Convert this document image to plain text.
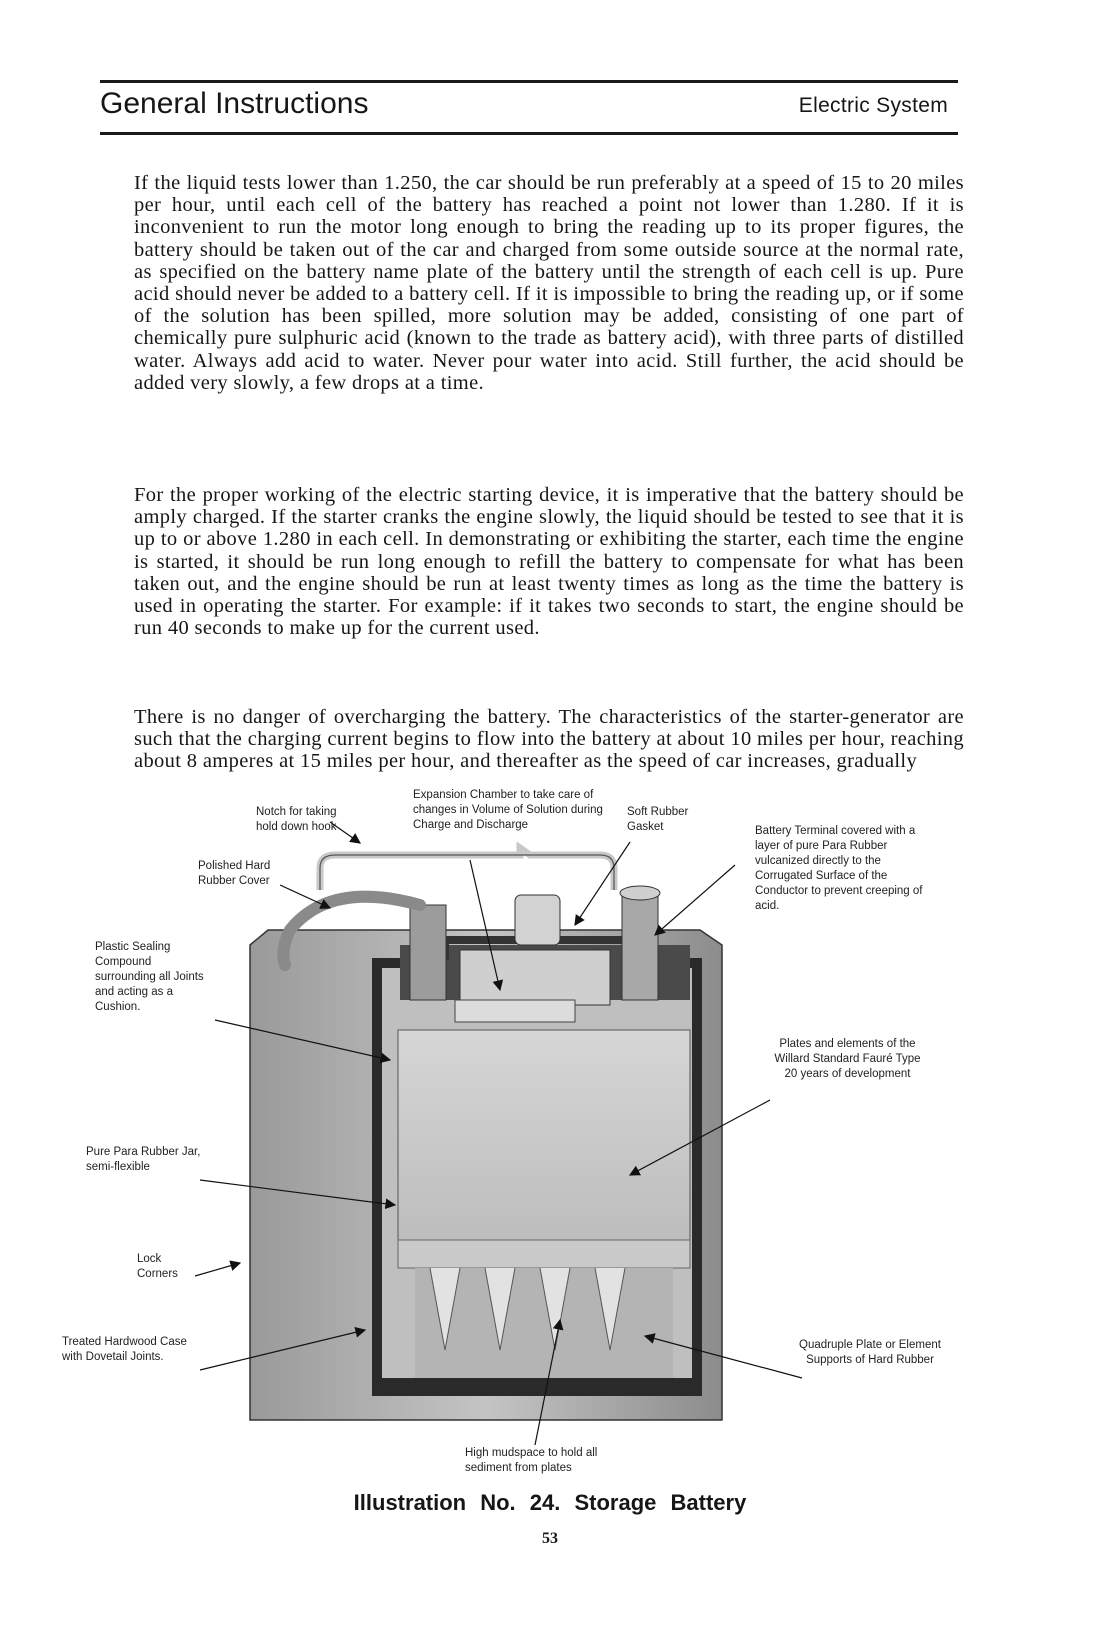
General Instructions	Electric System
If the liquid tests lower than 1.250, the car should be run preferably at a speed of 15 to 20 miles per hour, until each cell of the battery has reached a point not lower than 1.280. If it is inconvenient to run the motor long enough to bring the reading up to its proper figures, the battery should be taken out of the car and charged from some outside source at the normal rate, as specified on the battery name plate of the battery until the strength of each cell is up. Pure acid should never be added to a battery cell. If it is impossible to bring the reading up, or if some of the solution has been spilled, more solution may be added, consisting of one part of chemically pure sulphuric acid (known to the trade as battery acid), with three parts of distilled water. Always add acid to water. Never pour water into acid. Still further, the acid should be added very slowly, a few drops at a time.
For the proper working of the electric starting device, it is imperative that the battery should be amply charged. If the starter cranks the engine slowly, the liquid should be tested to see that it is up to or above 1.280 in each cell. In demonstrating or exhibiting the starter, each time the engine is started, it should be run long enough to refill the battery to compensate for what has been taken out, and the engine should be run at least twenty times as long as the time the battery is used in operating the starter. For example: if it takes two seconds to start, the engine should be run 40 seconds to make up for the current used.
There is no danger of overcharging the battery. The characteristics of the starter-generator are such that the charging current begins to flow into the battery at about 10 miles per hour, reaching about 8 amperes at 15 miles per hour, and thereafter as the speed of car increases, gradually
Expansion Chamber to take care of changes in Volume of Solution during Charge and Discharge
Notch for taking hold down hook
Soft Rubber Gasket	Battery Terminal covered with a layer of pure Para Rubber vulcanized directly to the Corrugated Surface of the Conductor to prevent creeping of acid.
Polished Hard Rubber Cover
Plastic Sealing Compound surrounding all Joints and acting as a Cushion.
Plates and elements of the Willard Standard Fauré Type 20 years of development
Pure Para Rubber Jar, semi-flexible
Lock Corners
Treated Hardwood Case with Dovetail Joints.
Quadruple Plate or Element Supports of Hard Rubber
High mudspace to hold all sediment from plates
Illustration No. 24. Storage Battery
53
